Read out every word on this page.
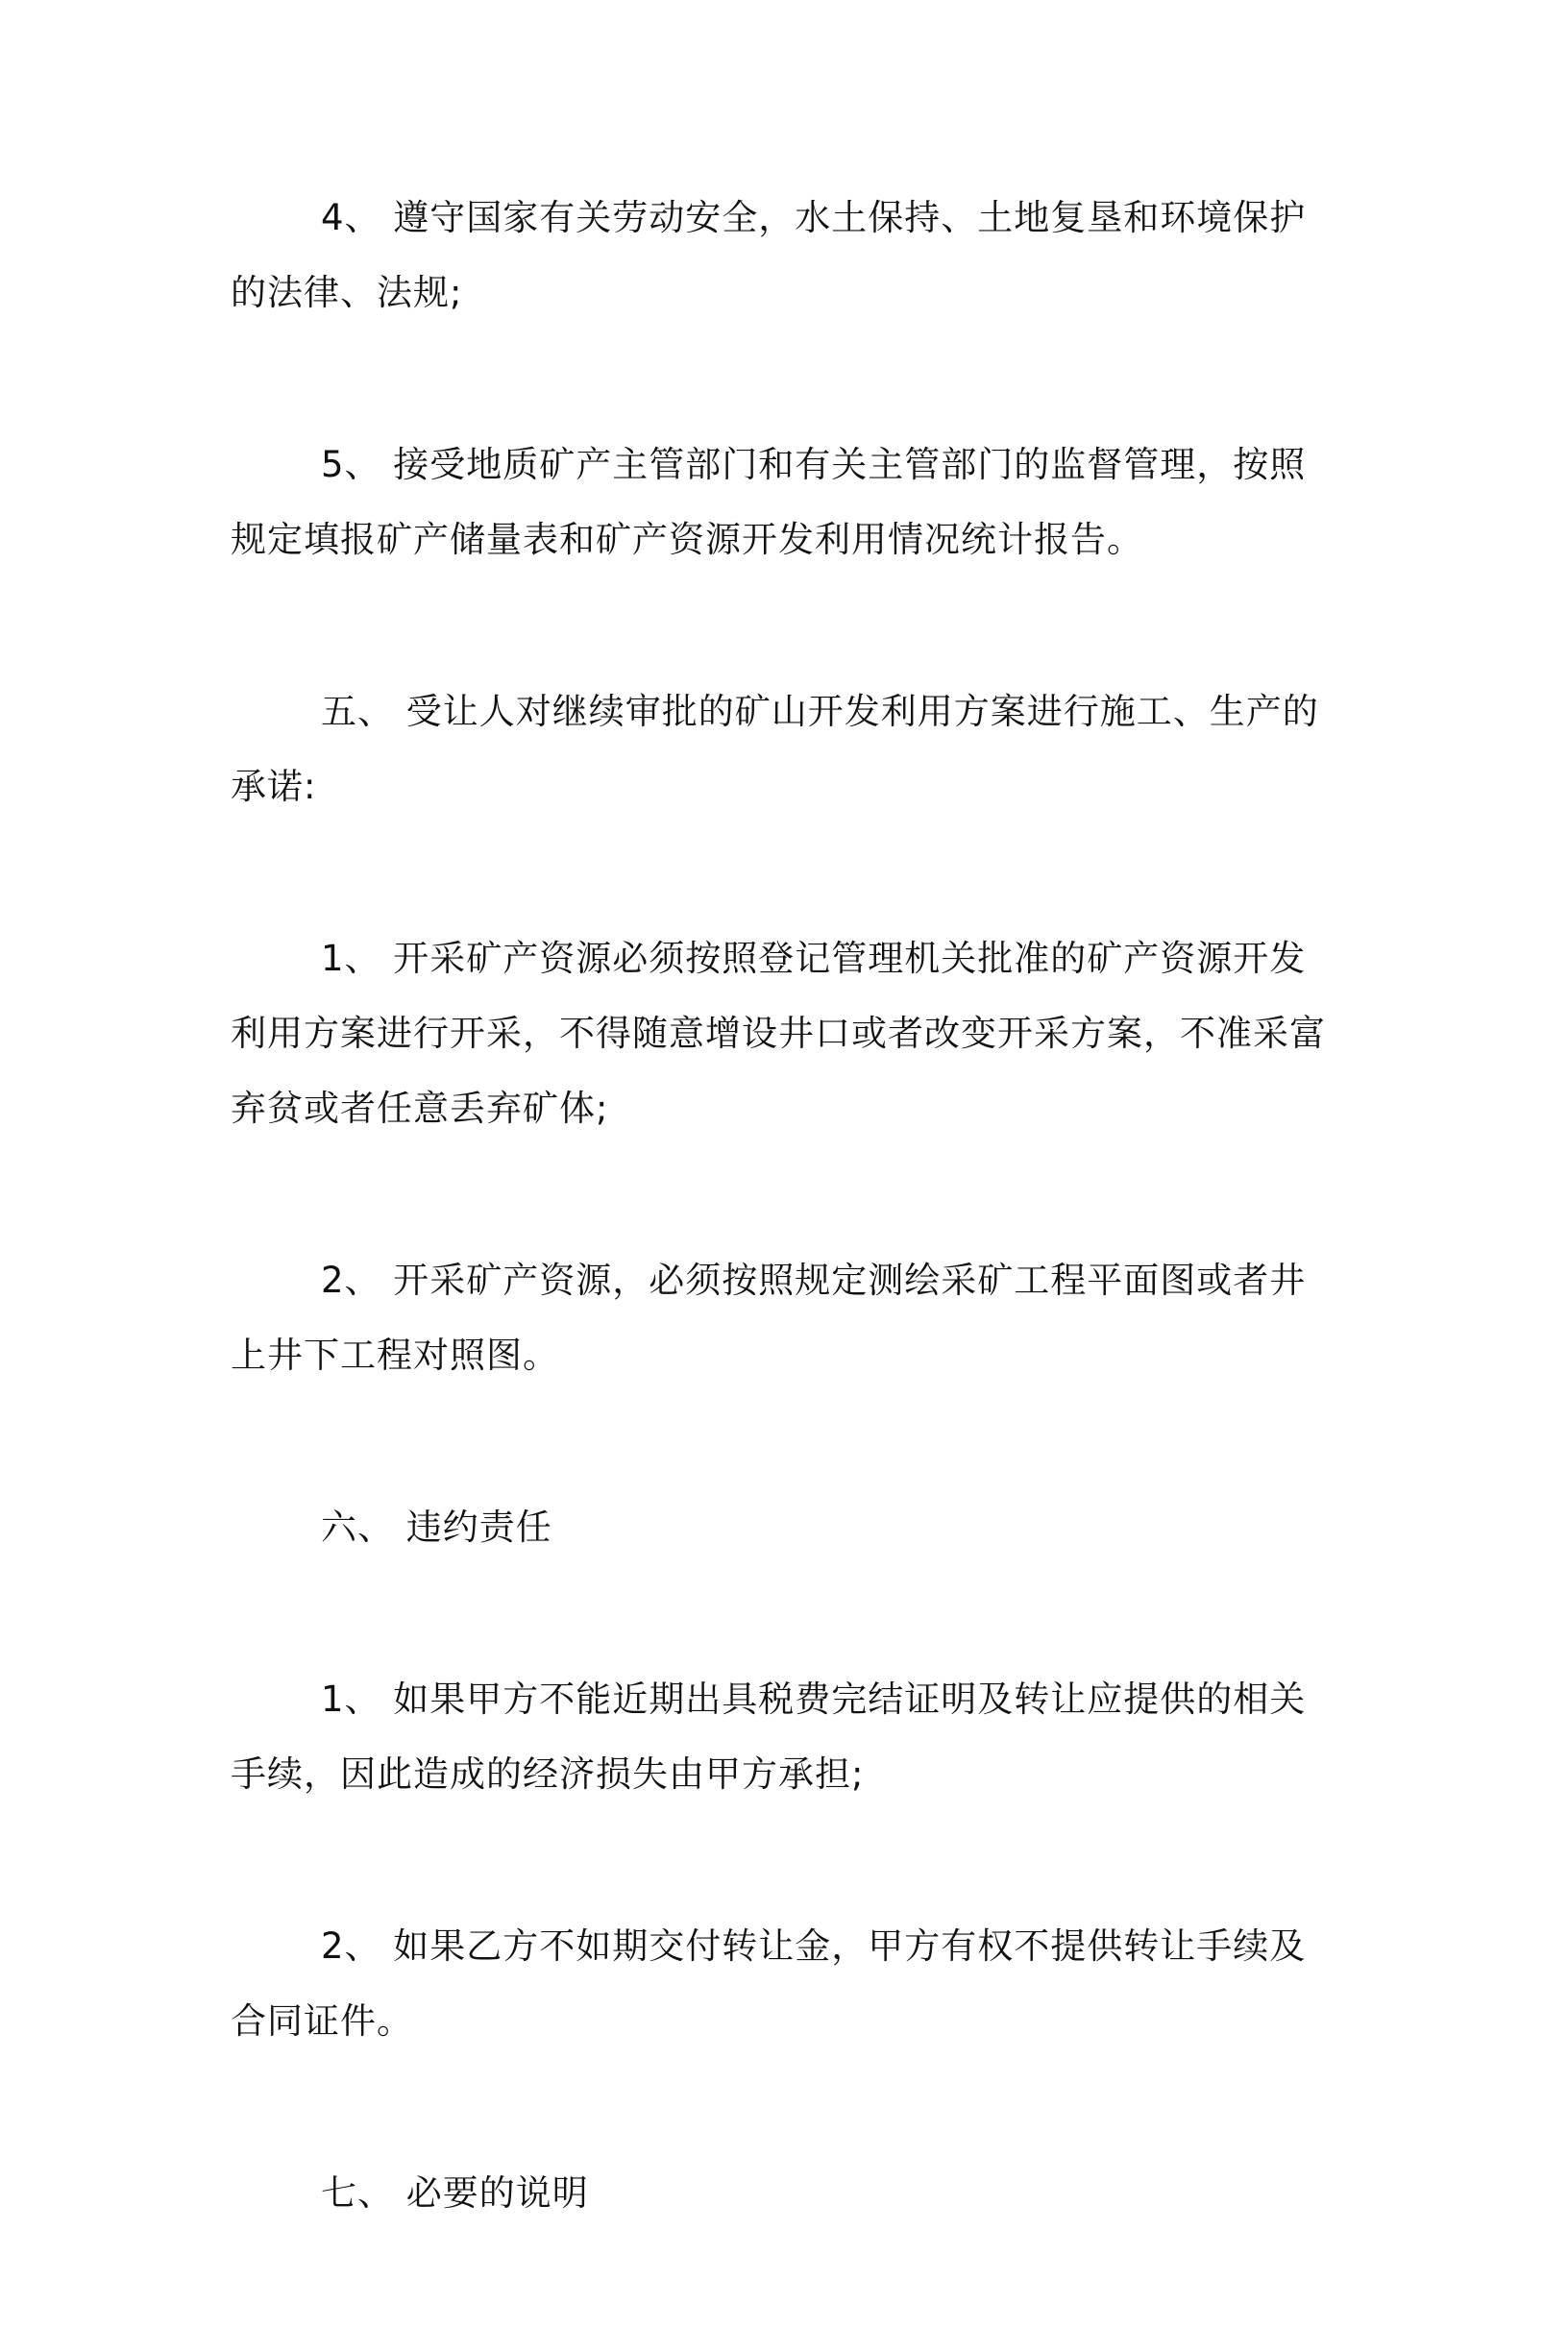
4、 遵守国家有关劳动安全，水土保持、土地复垦和环境保护的法律、法规;

5、 接受地质矿产主管部门和有关主管部门的监督管理，按照规定填报矿产储量表和矿产资源开发利用情况统计报告。

五、 受让人对继续审批的矿山开发利用方案进行施工、生产的承诺:

1、 开采矿产资源必须按照登记管理机关批准的矿产资源开发利用方案进行开采，不得随意增设井口或者改变开采方案，不准采富弃贫或者任意丢弃矿体;

2、 开采矿产资源，必须按照规定测绘采矿工程平面图或者井上井下工程对照图。

六、 违约责任

1、 如果甲方不能近期出具税费完结证明及转让应提供的相关手续，因此造成的经济损失由甲方承担;

2、 如果乙方不如期交付转让金，甲方有权不提供转让手续及合同证件。

七、 必要的说明
